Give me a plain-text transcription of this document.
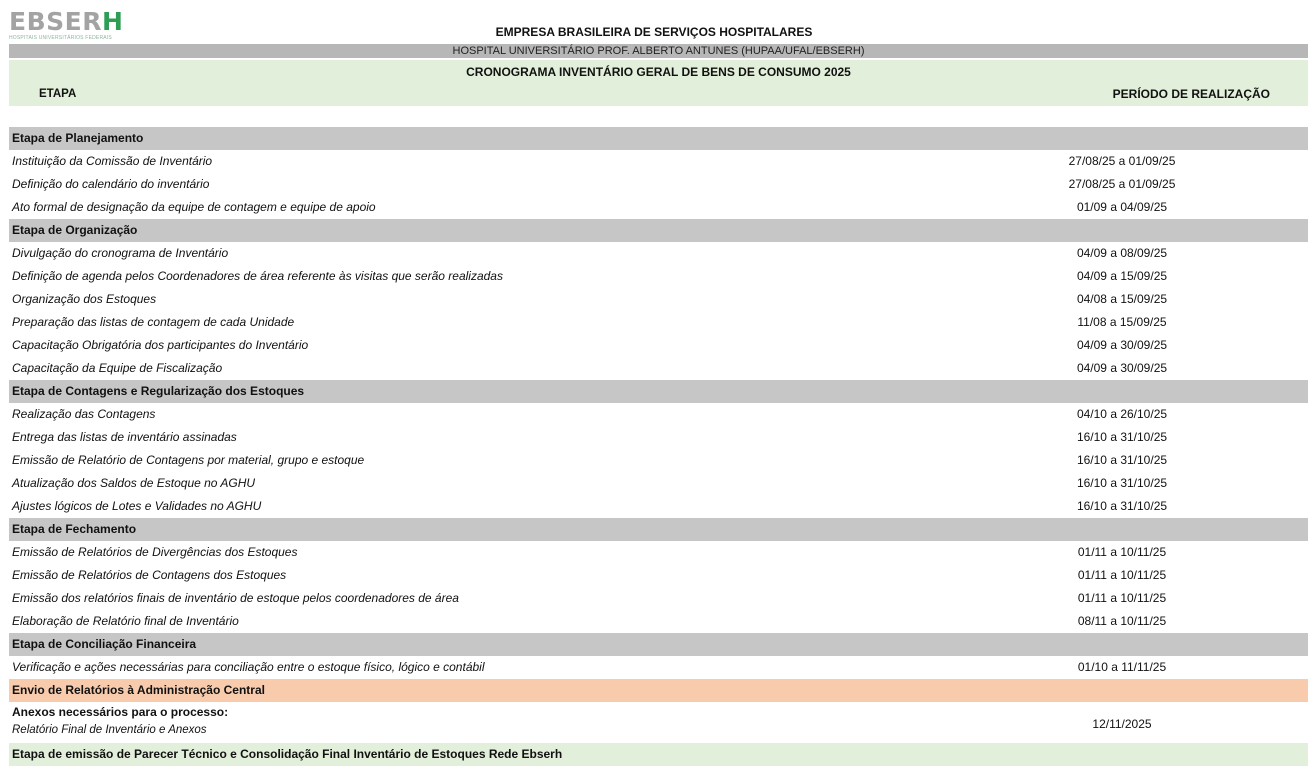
EBSERH
HOSPITAIS UNIVERSITÁRIOS FEDERAIS	EMPRESA BRASILEIRA DE SERVIÇOS HOSPITALARES
HOSPITAL UNIVERSITÁRIO PROF. ALBERTO ANTUNES (HUPAA/UFAL/EBSERH)
CRONOGRAMA INVENTÁRIO GERAL DE BENS DE CONSUMO 2025
ETAPA	PERÍODO DE REALIZAÇÃO
Etapa de Planejamento
Instituição da Comissão de Inventário	27/08/25 a 01/09/25
Definição do calendário do inventário	27/08/25 a 01/09/25
Ato formal de designação da equipe de contagem e equipe de apoio	01/09 a 04/09/25
Etapa de Organização
Divulgação do cronograma de Inventário	04/09 a 08/09/25
Definição de agenda pelos Coordenadores de área referente às visitas que serão realizadas	04/09 a 15/09/25
Organização dos Estoques	04/08 a 15/09/25
Preparação das listas de contagem de cada Unidade	11/08 a 15/09/25
Capacitação Obrigatória dos participantes do Inventário	04/09 a 30/09/25
Capacitação da Equipe de Fiscalização	04/09 a 30/09/25
Etapa de Contagens e Regularização dos Estoques
Realização das Contagens	04/10 a 26/10/25
Entrega das listas de inventário assinadas	16/10 a 31/10/25
Emissão de Relatório de Contagens por material, grupo e estoque	16/10 a 31/10/25
Atualização dos Saldos de Estoque no AGHU	16/10 a 31/10/25
Ajustes lógicos de Lotes e Validades no AGHU	16/10 a 31/10/25
Etapa de Fechamento
Emissão de Relatórios de Divergências dos Estoques	01/11 a 10/11/25
Emissão de Relatórios de Contagens dos Estoques	01/11 a 10/11/25
Emissão dos relatórios finais de inventário de estoque pelos coordenadores de área	01/11 a 10/11/25
Elaboração de Relatório final de Inventário	08/11 a 10/11/25
Etapa de Conciliação Financeira
Verificação e ações necessárias para conciliação entre o estoque físico, lógico e contábil	01/10 a 11/11/25
Envio de Relatórios à Administração Central
Anexos necessários para o processo:
Relatório Final de Inventário e Anexos	12/11/2025
Etapa de emissão de Parecer Técnico e Consolidação Final Inventário de Estoques Rede Ebserh
